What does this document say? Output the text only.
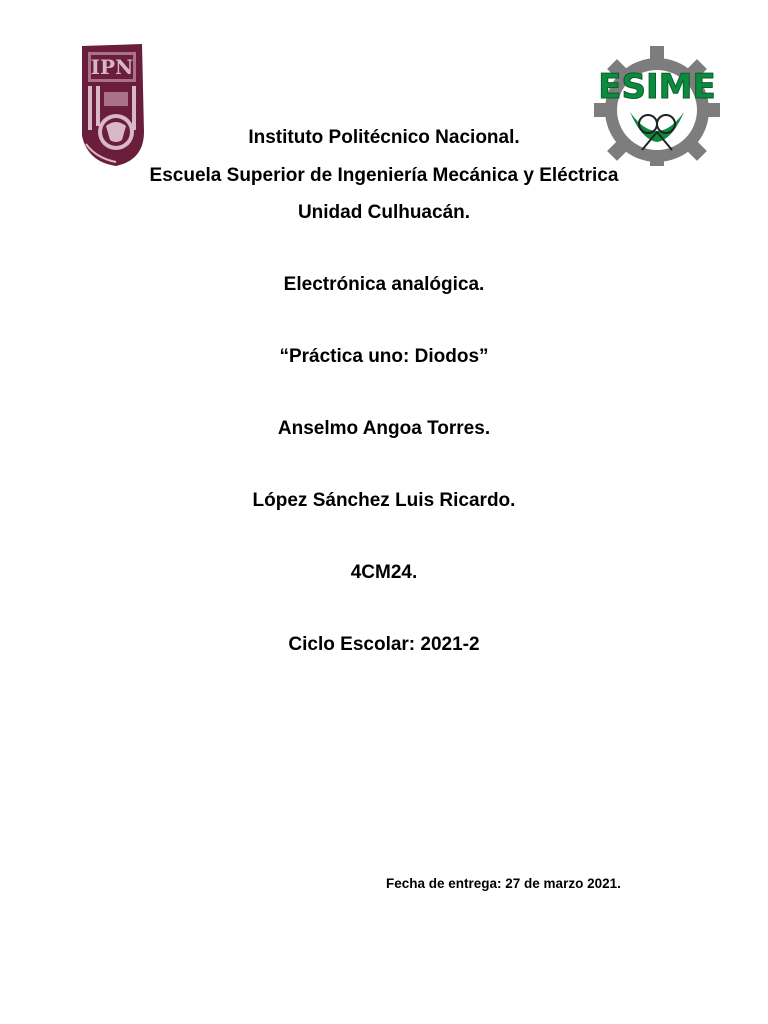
IPN	ESIME
Instituto Politécnico Nacional.
Escuela Superior de Ingeniería Mecánica y Eléctrica
Unidad Culhuacán.
Electrónica analógica.
“Práctica uno: Diodos”
Anselmo Angoa Torres.
López Sánchez Luis Ricardo.
4CM24.
Ciclo Escolar: 2021-2
Fecha de entrega: 27 de marzo 2021.
